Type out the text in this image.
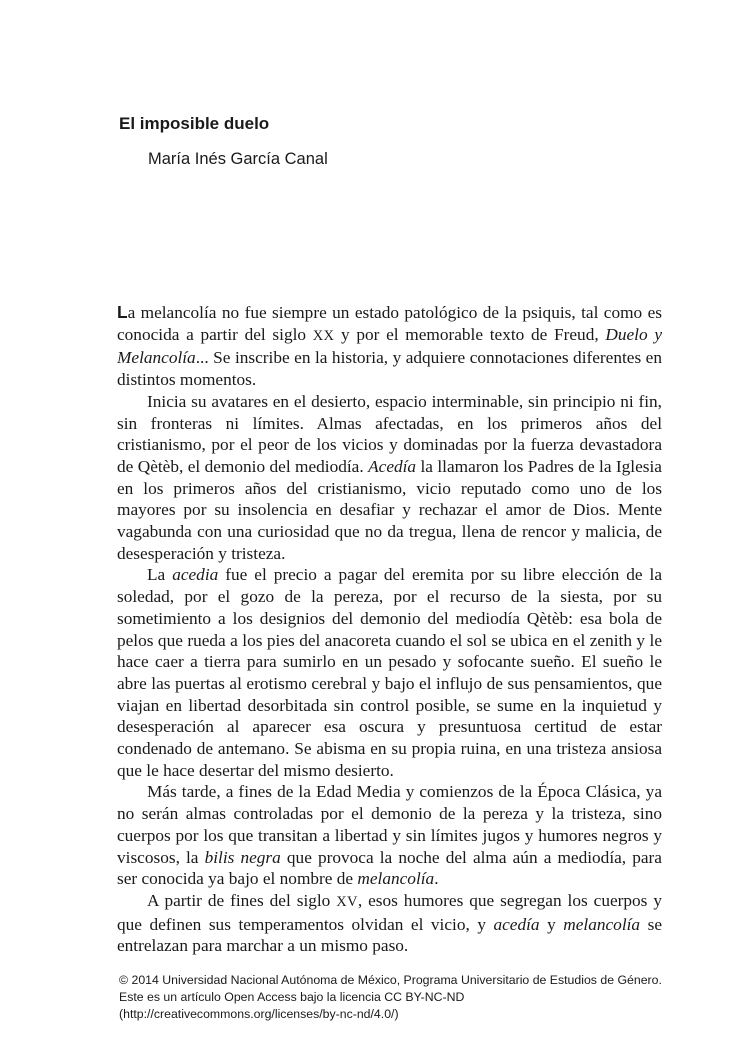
El imposible duelo
María Inés García Canal

La melancolía no fue siempre un estado patológico de la psiquis, tal como es conocida a partir del siglo XX y por el memorable texto de Freud, Duelo y Melancolía... Se inscribe en la historia, y adquiere connotaciones diferentes en distintos momentos.

Inicia su avatares en el desierto, espacio interminable, sin principio ni fin, sin fronteras ni límites. Almas afectadas, en los primeros años del cristianismo, por el peor de los vicios y dominadas por la fuerza devastadora de Qètèb, el demonio del mediodía. Acedía la llamaron los Padres de la Iglesia en los primeros años del cristianismo, vicio reputado como uno de los mayores por su insolencia en desafiar y rechazar el amor de Dios. Mente vagabunda con una curiosidad que no da tregua, llena de rencor y malicia, de desesperación y tristeza.

La acedia fue el precio a pagar del eremita por su libre elección de la soledad, por el gozo de la pereza, por el recurso de la siesta, por su sometimiento a los designios del demonio del mediodía Qètèb: esa bola de pelos que rueda a los pies del anacoreta cuando el sol se ubica en el zenith y le hace caer a tierra para sumirlo en un pesado y sofocante sueño. El sueño le abre las puertas al erotismo cerebral y bajo el influjo de sus pensamientos, que viajan en libertad desorbitada sin control posible, se sume en la inquietud y desesperación al aparecer esa oscura y presuntuosa certitud de estar condenado de antemano. Se abisma en su propia ruina, en una tristeza ansiosa que le hace desertar del mismo desierto.

Más tarde, a fines de la Edad Media y comienzos de la Época Clásica, ya no serán almas controladas por el demonio de la pereza y la tristeza, sino cuerpos por los que transitan a libertad y sin límites jugos y humores negros y viscosos, la bilis negra que provoca la noche del alma aún a mediodía, para ser conocida ya bajo el nombre de melancolía.

A partir de fines del siglo XV, esos humores que segregan los cuerpos y que definen sus temperamentos olvidan el vicio, y acedía y melancolía se entrelazan para marchar a un mismo paso.

© 2014 Universidad Nacional Autónoma de México, Programa Universitario de Estudios de Género.
Este es un artículo Open Access bajo la licencia CC BY-NC-ND
(http://creativecommons.org/licenses/by-nc-nd/4.0/)
